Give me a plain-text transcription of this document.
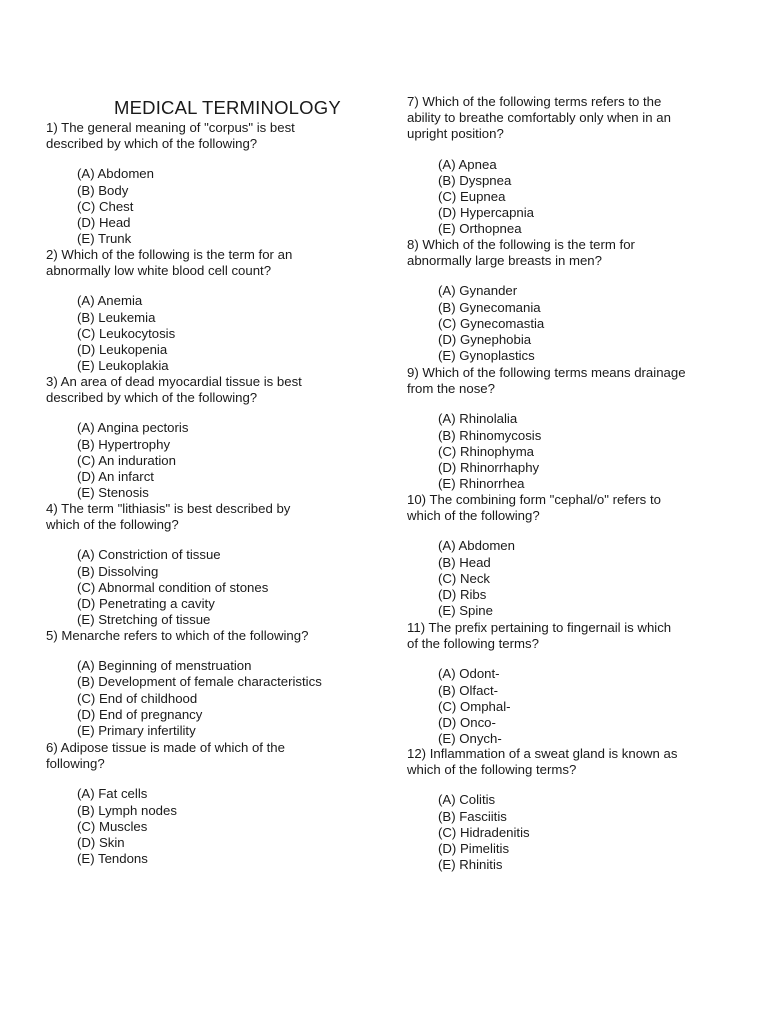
MEDICAL TERMINOLOGY

1) The general meaning of "corpus" is best
described by which of the following?

(A) Abdomen
(B) Body
(C) Chest
(D) Head
(E) Trunk

2) Which of the following is the term for an
abnormally low white blood cell count?

(A) Anemia
(B) Leukemia
(C) Leukocytosis
(D) Leukopenia
(E) Leukoplakia

3) An area of dead myocardial tissue is best
described by which of the following?

(A) Angina pectoris
(B) Hypertrophy
(C) An induration
(D) An infarct
(E) Stenosis

4) The term "lithiasis" is best described by
which of the following?

(A) Constriction of tissue
(B) Dissolving
(C) Abnormal condition of stones
(D) Penetrating a cavity
(E) Stretching of tissue

5) Menarche refers to which of the following?

(A) Beginning of menstruation
(B) Development of female characteristics
(C) End of childhood
(D) End of pregnancy
(E) Primary infertility

6) Adipose tissue is made of which of the
following?

(A) Fat cells
(B) Lymph nodes
(C) Muscles
(D) Skin
(E) Tendons

7) Which of the following terms refers to the
ability to breathe comfortably only when in an
upright position?

(A) Apnea
(B) Dyspnea
(C) Eupnea
(D) Hypercapnia
(E) Orthopnea

8) Which of the following is the term for
abnormally large breasts in men?

(A) Gynander
(B) Gynecomania
(C) Gynecomastia
(D) Gynephobia
(E) Gynoplastics

9) Which of the following terms means drainage
from the nose?

(A) Rhinolalia
(B) Rhinomycosis
(C) Rhinophyma
(D) Rhinorrhaphy
(E) Rhinorrhea

10) The combining form "cephal/o" refers to
which of the following?

(A) Abdomen
(B) Head
(C) Neck
(D) Ribs
(E) Spine

11) The prefix pertaining to fingernail is which
of the following terms?

(A) Odont-
(B) Olfact-
(C) Omphal-
(D) Onco-
(E) Onych-

12) Inflammation of a sweat gland is known as
which of the following terms?

(A) Colitis
(B) Fasciitis
(C) Hidradenitis
(D) Pimelitis
(E) Rhinitis
